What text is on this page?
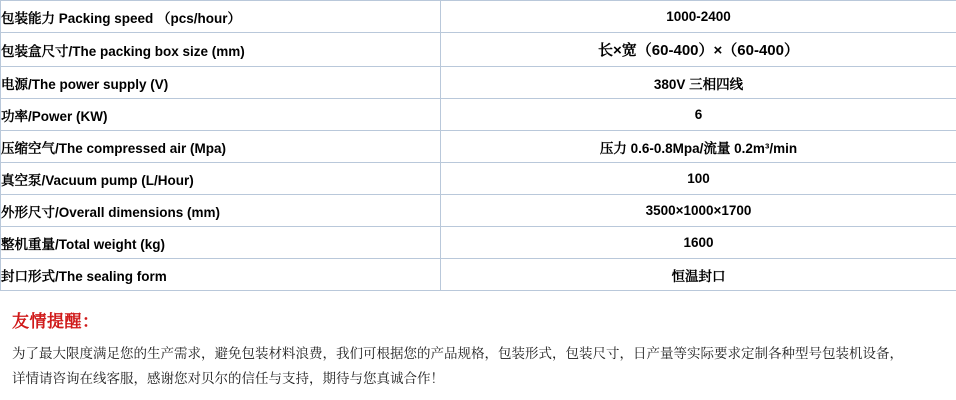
包装能力 Packing speed （pcs/hour）	1000-2400
包装盒尺寸/The packing box size (mm)	长×宽（60-400）×（60-400）
电源/The power supply (V)	380V 三相四线
功率/Power (KW)	6
压缩空气/The compressed air (Mpa)	压力 0.6-0.8Mpa/流量 0.2m³/min
真空泵/Vacuum pump (L/Hour)	100
外形尺寸/Overall dimensions (mm)	3500×1000×1700
整机重量/Total weight (kg)	1600
封口形式/The sealing form	恒温封口
友情提醒：
为了最大限度满足您的生产需求，避免包装材料浪费，我们可根据您的产品规格，包装形式，包装尺寸，日产量等实际要求定制各种型号包装机设备，
详情请咨询在线客服，感谢您对贝尔的信任与支持，期待与您真诚合作！
